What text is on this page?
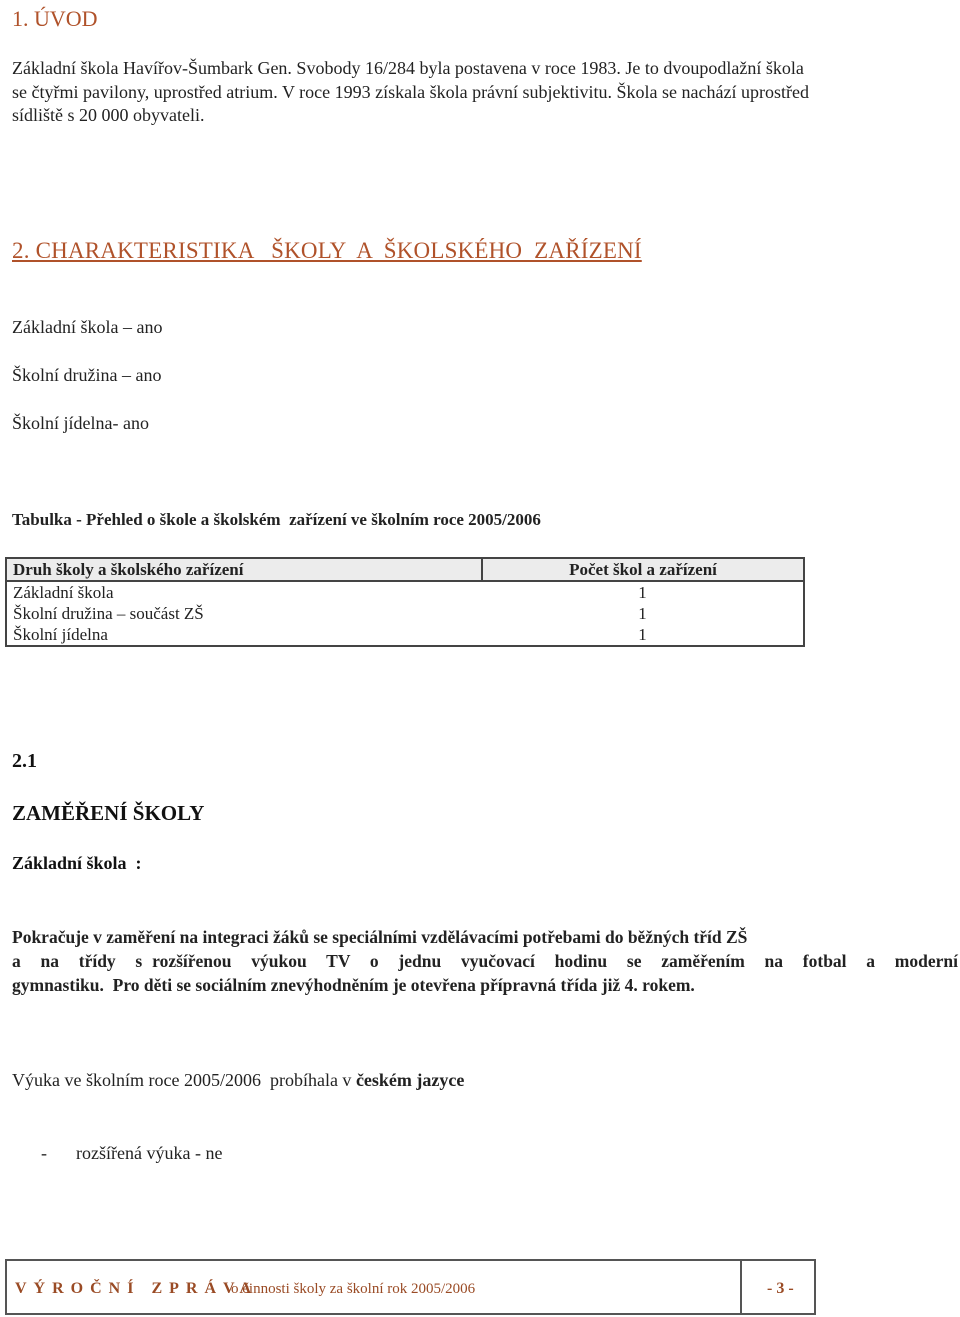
1. ÚVOD
Základní škola Havířov-Šumbark Gen. Svobody 16/284 byla postavena v roce 1983. Je to dvoupodlažní škola
se čtyřmi pavilony, uprostřed atrium. V roce 1993 získala škola právní subjektivitu. Škola se nachází uprostřed
sídliště s 20 000 obyvateli.
2. CHARAKTERISTIKA   ŠKOLY  A  ŠKOLSKÉHO  ZAŘÍZENÍ
Základní škola – ano
Školní družina – ano
Školní jídelna- ano
Tabulka - Přehled o škole a školském  zařízení ve školním roce 2005/2006
Druh školy a školského zařízení	Počet škol a zařízení
Základní škola	1
Školní družina – součást ZŠ	1
Školní jídelna	1
2.1
ZAMĚŘENÍ ŠKOLY
Základní škola  :
Pokračuje v zaměření na integraci žáků se speciálními vzdělávacími potřebami do běžných tříd ZŠ
a  na  třídy  s rozšířenou  výukou  TV  o  jednu  vyučovací  hodinu  se  zaměřením  na  fotbal  a  moderní
gymnastiku.  Pro děti se sociálním znevýhodněním je otevřena přípravná třída již 4. rokem.
Výuka ve školním roce 2005/2006  probíhala v českém jazyce
- rozšířená výuka - ne
VÝROČNÍ ZPRÁVA
o činnosti školy za školní rok 2005/2006	- 3 -
